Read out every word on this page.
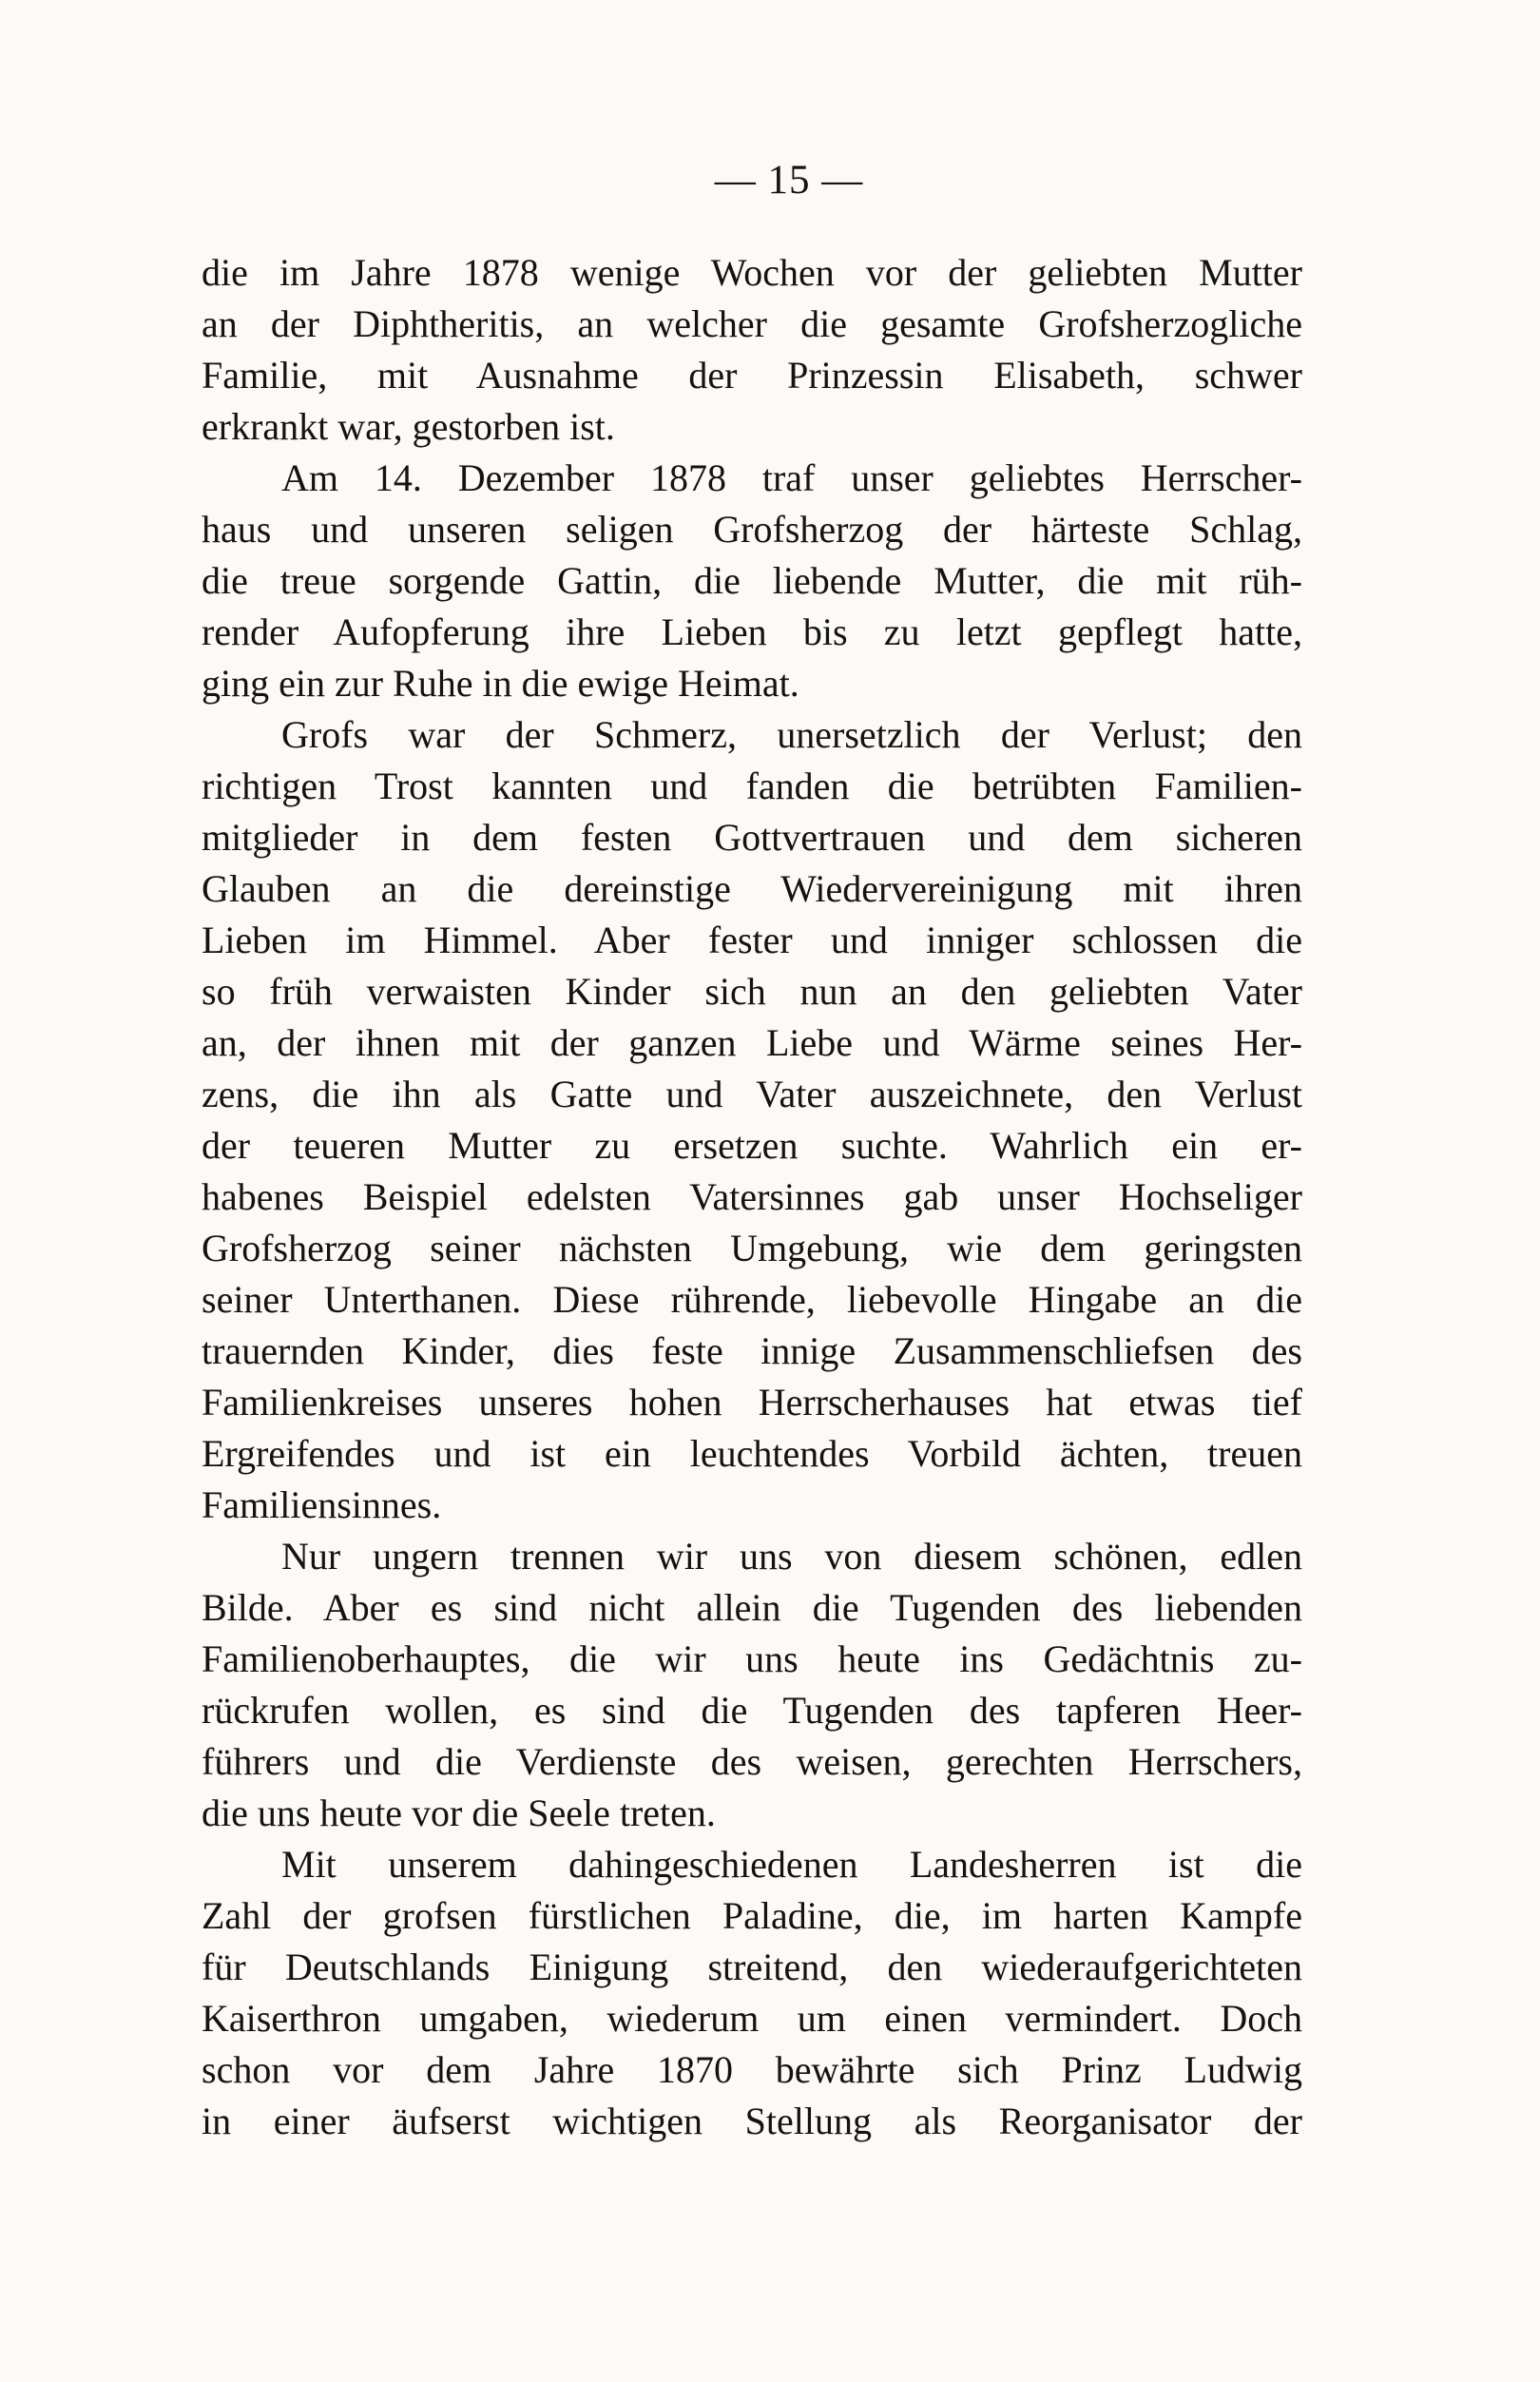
— 15 —
die im Jahre 1878 wenige Wochen vor der geliebten Mutter
an der Diphtheritis, an welcher die gesamte Grofsherzogliche
Familie, mit Ausnahme der Prinzessin Elisabeth, schwer
erkrankt war, gestorben ist.
Am 14. Dezember 1878 traf unser geliebtes Herrscher-
haus und unseren seligen Grofsherzog der härteste Schlag,
die treue sorgende Gattin, die liebende Mutter, die mit rüh-
render Aufopferung ihre Lieben bis zu letzt gepflegt hatte,
ging ein zur Ruhe in die ewige Heimat.
Grofs war der Schmerz, unersetzlich der Verlust; den
richtigen Trost kannten und fanden die betrübten Familien-
mitglieder in dem festen Gottvertrauen und dem sicheren
Glauben an die dereinstige Wiedervereinigung mit ihren
Lieben im Himmel. Aber fester und inniger schlossen die
so früh verwaisten Kinder sich nun an den geliebten Vater
an, der ihnen mit der ganzen Liebe und Wärme seines Her-
zens, die ihn als Gatte und Vater auszeichnete, den Verlust
der teueren Mutter zu ersetzen suchte. Wahrlich ein er-
habenes Beispiel edelsten Vatersinnes gab unser Hochseliger
Grofsherzog seiner nächsten Umgebung, wie dem geringsten
seiner Unterthanen. Diese rührende, liebevolle Hingabe an die
trauernden Kinder, dies feste innige Zusammenschliefsen des
Familienkreises unseres hohen Herrscherhauses hat etwas tief
Ergreifendes und ist ein leuchtendes Vorbild ächten, treuen
Familiensinnes.
Nur ungern trennen wir uns von diesem schönen, edlen
Bilde. Aber es sind nicht allein die Tugenden des liebenden
Familienoberhauptes, die wir uns heute ins Gedächtnis zu-
rückrufen wollen, es sind die Tugenden des tapferen Heer-
führers und die Verdienste des weisen, gerechten Herrschers,
die uns heute vor die Seele treten.
Mit unserem dahingeschiedenen Landesherren ist die
Zahl der grofsen fürstlichen Paladine, die, im harten Kampfe
für Deutschlands Einigung streitend, den wiederaufgerichteten
Kaiserthron umgaben, wiederum um einen vermindert. Doch
schon vor dem Jahre 1870 bewährte sich Prinz Ludwig
in einer äufserst wichtigen Stellung als Reorganisator der
